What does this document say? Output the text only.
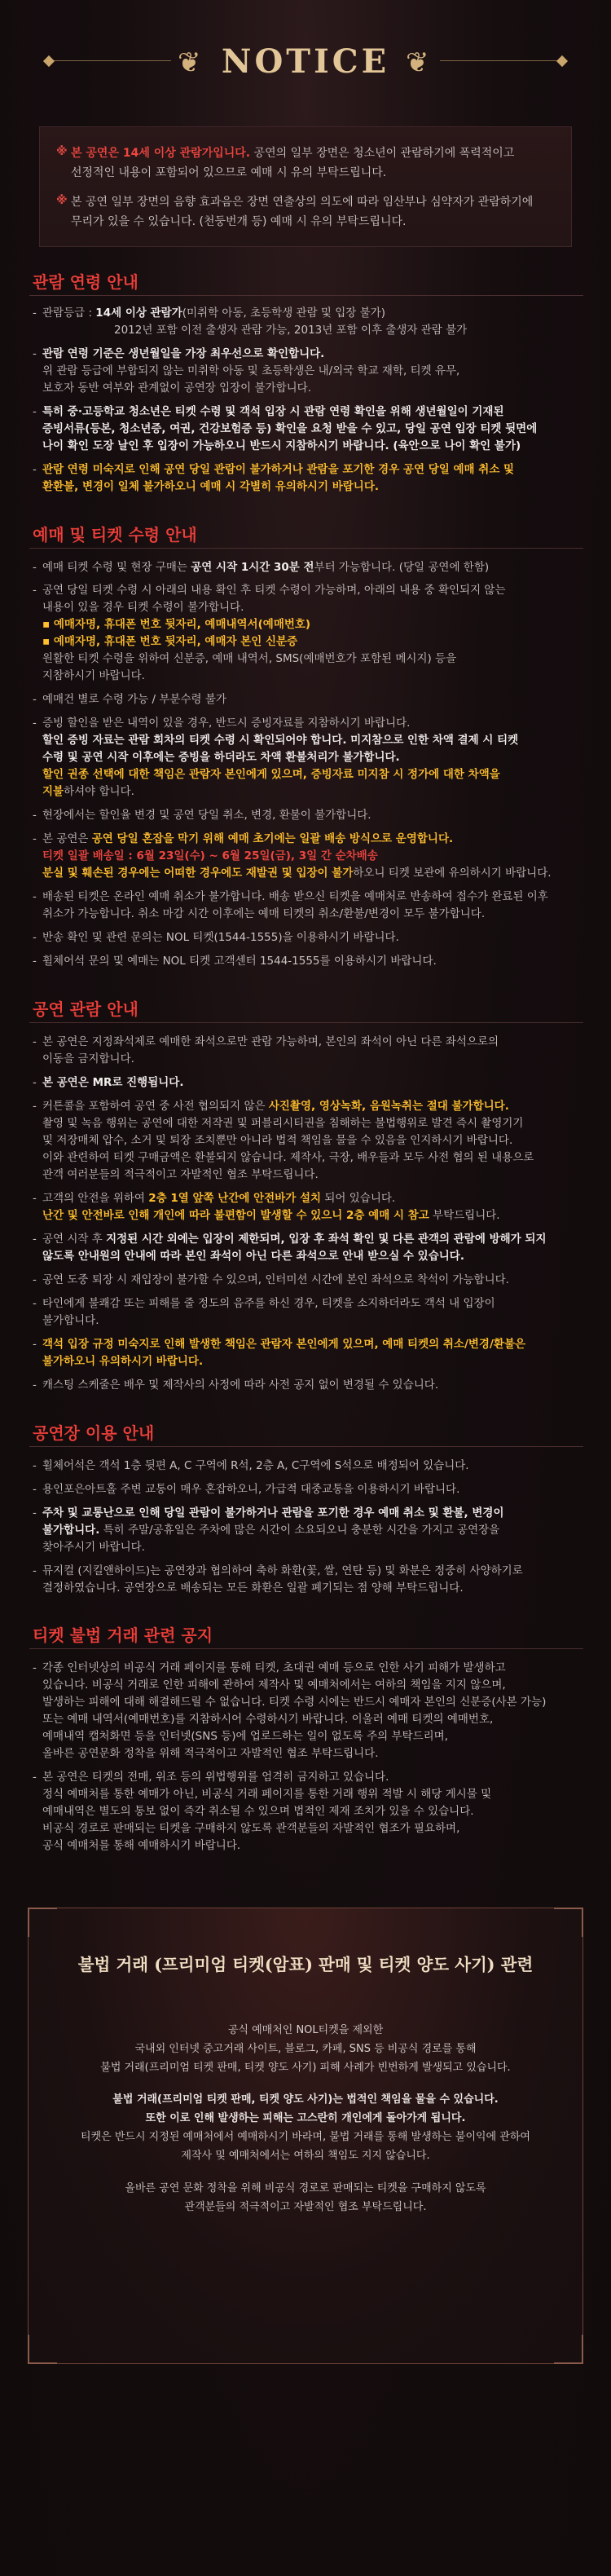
❦	❦
NOTICE
※ 본 공연은 14세 이상 관람가입니다. 공연의 일부 장면은 청소년이 관람하기에 폭력적이고

선정적인 내용이 포함되어 있으므로 예매 시 유의 부탁드립니다.

※ 본 공연 일부 장면의 음향 효과음은 장면 연출상의 의도에 따라 임산부나 심약자가 관람하기에

무리가 있을 수 있습니다. (천둥번개 등) 예매 시 유의 부탁드립니다.

관람 연령 안내
- 관람등급 : 14세 이상 관람가(미취학 아동, 초등학생 관람 및 입장 불가)
2012년 포함 이전 출생자 관람 가능, 2013년 포함 이후 출생자 관람 불가
- 관람 연령 기준은 생년월일을 가장 최우선으로 확인합니다.
위 관람 등급에 부합되지 않는 미취학 아동 및 초등학생은 내/외국 학교 재학, 티켓 유무,
보호자 동반 여부와 관계없이 공연장 입장이 불가합니다.
- 특히 중·고등학교 청소년은 티켓 수령 및 객석 입장 시 관람 연령 확인을 위해 생년월일이 기재된
증빙서류(등본, 청소년증, 여권, 건강보험증 등) 확인을 요청 받을 수 있고, 당일 공연 입장 티켓 뒷면에
나이 확인 도장 날인 후 입장이 가능하오니 반드시 지참하시기 바랍니다. (육안으로 나이 확인 불가)
- 관람 연령 미숙지로 인해 공연 당일 관람이 불가하거나 관람을 포기한 경우 공연 당일 예매 취소 및
환환불, 변경이 일체 불가하오니 예매 시 각별히 유의하시기 바랍니다.
예매 및 티켓 수령 안내
- 예매 티켓 수령 및 현장 구매는 공연 시작 1시간 30분 전부터 가능합니다. (당일 공연에 한함)
- 공연 당일 티켓 수령 시 아래의 내용 확인 후 티켓 수령이 가능하며, 아래의 내용 중 확인되지 않는
내용이 있을 경우 티켓 수령이 불가합니다.
▪ 예매자명, 휴대폰 번호 뒷자리, 예매내역서(예매번호)
▪ 예매자명, 휴대폰 번호 뒷자리, 예매자 본인 신분증
원활한 티켓 수령을 위하여 신분증, 예매 내역서, SMS(예매번호가 포함된 메시지) 등을
지참하시기 바랍니다.
- 예매건 별로 수령 가능 / 부분수령 불가
- 증빙 할인을 받은 내역이 있을 경우, 반드시 증빙자료를 지참하시기 바랍니다.
할인 증빙 자료는 관람 회차의 티켓 수령 시 확인되어야 합니다. 미지참으로 인한 차액 결제 시 티켓
수령 및 공연 시작 이후에는 증빙을 하더라도 차액 환불처리가 불가합니다.
할인 권종 선택에 대한 책임은 관람자 본인에게 있으며, 증빙자료 미지참 시 정가에 대한 차액을
지불하셔야 합니다.
- 현장에서는 할인율 변경 및 공연 당일 취소, 변경, 환불이 불가합니다.
- 본 공연은 공연 당일 혼잡을 막기 위해 예매 초기에는 일괄 배송 방식으로 운영합니다.
티켓 일괄 배송일 : 6월 23일(수) ~ 6월 25일(금), 3일 간 순차배송
분실 및 훼손된 경우에는 어떠한 경우에도 재발권 및 입장이 불가하오니 티켓 보관에 유의하시기 바랍니다.
- 배송된 티켓은 온라인 예매 취소가 불가합니다. 배송 받으신 티켓을 예매처로 반송하여 접수가 완료된 이후
취소가 가능합니다. 취소 마감 시간 이후에는 예매 티켓의 취소/환불/변경이 모두 불가합니다.
- 반송 확인 및 관련 문의는 NOL 티켓(1544-1555)을 이용하시기 바랍니다.
- 휠체어석 문의 및 예매는 NOL 티켓 고객센터 1544-1555를 이용하시기 바랍니다.
공연 관람 안내
- 본 공연은 지정좌석제로 예매한 좌석으로만 관람 가능하며, 본인의 좌석이 아닌 다른 좌석으로의
이동을 금지합니다.
- 본 공연은 MR로 진행됩니다.
- 커튼콜을 포함하여 공연 중 사전 협의되지 않은 사진촬영, 영상녹화, 음원녹취는 절대 불가합니다.
촬영 및 녹음 행위는 공연에 대한 저작권 및 퍼블리시티권을 침해하는 불법행위로 발견 즉시 촬영기기
및 저장매체 압수, 소거 및 퇴장 조치뿐만 아니라 법적 책임을 물을 수 있음을 인지하시기 바랍니다.
이와 관련하여 티켓 구매금액은 환불되지 않습니다. 제작사, 극장, 배우들과 모두 사전 협의 된 내용으로
관객 여러분들의 적극적이고 자발적인 협조 부탁드립니다.
- 고객의 안전을 위하여 2층 1열 앞쪽 난간에 안전바가 설치 되어 있습니다.
난간 및 안전바로 인해 개인에 따라 불편함이 발생할 수 있으니 2층 예매 시 참고 부탁드립니다.
- 공연 시작 후 지정된 시간 외에는 입장이 제한되며, 입장 후 좌석 확인 및 다른 관객의 관람에 방해가 되지
않도록 안내원의 안내에 따라 본인 좌석이 아닌 다른 좌석으로 안내 받으실 수 있습니다.
- 공연 도중 퇴장 시 재입장이 불가할 수 있으며, 인터미션 시간에 본인 좌석으로 착석이 가능합니다.
- 타인에게 불쾌감 또는 피해를 줄 정도의 음주를 하신 경우, 티켓을 소지하더라도 객석 내 입장이
불가합니다.
- 객석 입장 규정 미숙지로 인해 발생한 책임은 관람자 본인에게 있으며, 예매 티켓의 취소/변경/환불은
불가하오니 유의하시기 바랍니다.
- 캐스팅 스케줄은 배우 및 제작사의 사정에 따라 사전 공지 없이 변경될 수 있습니다.
공연장 이용 안내
- 휠체어석은 객석 1층 뒷편 A, C 구역에 R석, 2층 A, C구역에 S석으로 배정되어 있습니다.
- 용인포은아트홀 주변 교통이 매우 혼잡하오니, 가급적 대중교통을 이용하시기 바랍니다.
- 주차 및 교통난으로 인해 당일 관람이 불가하거나 관람을 포기한 경우 예매 취소 및 환불, 변경이
불가합니다. 특히 주말/공휴일은 주차에 많은 시간이 소요되오니 충분한 시간을 가지고 공연장을
찾아주시기 바랍니다.
- 뮤지컬 (지킬앤하이드)는 공연장과 협의하여 축하 화환(꽃, 쌀, 연탄 등) 및 화분은 정중히 사양하기로
결정하였습니다. 공연장으로 배송되는 모든 화환은 일괄 폐기되는 점 양해 부탁드립니다.
티켓 불법 거래 관련 공지
- 각종 인터넷상의 비공식 거래 페이지를 통해 티켓, 초대권 예매 등으로 인한 사기 피해가 발생하고
있습니다. 비공식 거래로 인한 피해에 관하여 제작사 및 예매처에서는 여하의 책임을 지지 않으며,
발생하는 피해에 대해 해결해드릴 수 없습니다. 티켓 수령 시에는 반드시 예매자 본인의 신분증(사본 가능)
또는 예매 내역서(예매번호)를 지참하시어 수령하시기 바랍니다. 이울러 예매 티켓의 예매번호,
예매내역 캡처화면 등을 인터넷(SNS 등)에 업로드하는 일이 없도록 주의 부탁드리며,
올바른 공연문화 정착을 위해 적극적이고 자발적인 협조 부탁드립니다.
- 본 공연은 티켓의 전매, 위조 등의 위법행위를 엄격히 금지하고 있습니다.
정식 예매처를 통한 예매가 아닌, 비공식 거래 페이지를 통한 거래 행위 적발 시 해당 게시물 및
예매내역은 별도의 통보 없이 즉각 취소될 수 있으며 법적인 제재 조치가 있을 수 있습니다.
비공식 경로로 판매되는 티켓을 구매하지 않도록 관객분들의 자발적인 협조가 필요하며,
공식 예매처를 통해 예매하시기 바랍니다.
불법 거래 (프리미엄 티켓(암표) 판매 및 티켓 양도 사기) 관련
공식 예매처인 NOL티켓을 제외한
국내외 인터넷 중고거래 사이트, 블로그, 카페, SNS 등 비공식 경로를 통해
불법 거래(프리미엄 티켓 판매, 티켓 양도 사기) 피해 사례가 빈번하게 발생되고 있습니다.
불법 거래(프리미엄 티켓 판매, 티켓 양도 사기)는 법적인 책임을 물을 수 있습니다.
또한 이로 인해 발생하는 피해는 고스란히 개인에게 돌아가게 됩니다.
티켓은 반드시 지정된 예매처에서 예매하시기 바라며, 불법 거래를 통해 발생하는 불이익에 관하여
제작사 및 예매처에서는 여하의 책임도 지지 않습니다.
올바른 공연 문화 정착을 위해 비공식 경로로 판매되는 티켓을 구매하지 않도록
관객분들의 적극적이고 자발적인 협조 부탁드립니다.
